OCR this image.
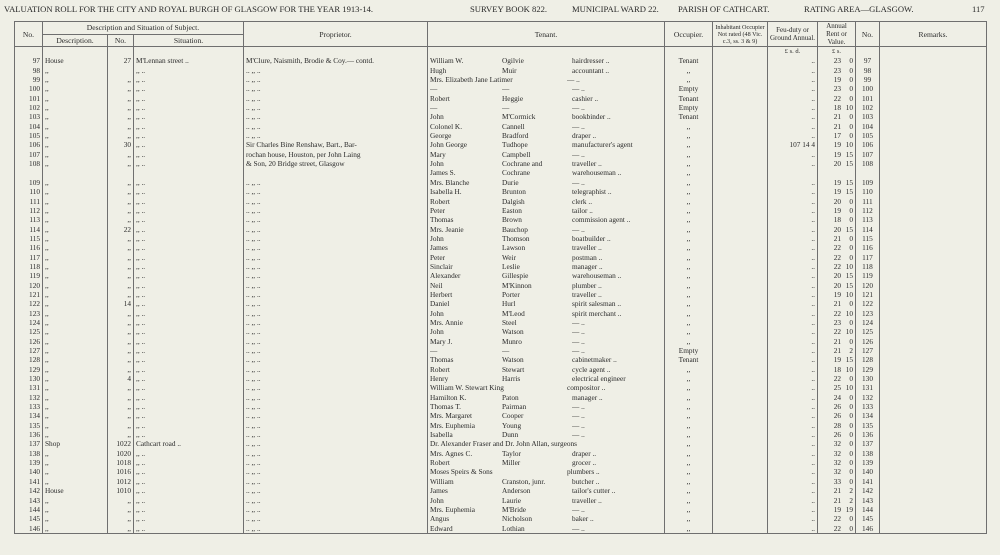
VALUATION ROLL FOR THE CITY AND ROYAL BURGH OF GLASGOW FOR THE YEAR 1913-14.	SURVEY BOOK 822.	MUNICIPAL WARD 22. PARISH OF CATHCART.	RATING AREA—GLASGOW.	117
No.	Description and Situation of Subject.			Proprietor.	Tenant.	Occupier.	Inhabitant Occupier Not rated (48 Vic. c.3, ss. 3 & 9)	Feu-duty or Ground Annual.	Annual Rent or Value.	No.	Remarks.
	Description.	No.	Situation.								
								£ s. d.	£ s.		
97	House	27	M'Lennan street ..	M'Clure, Naismith, Brodie & Coy.— contd.	William W. Ogilvie hairdresser ..	Tenant		..	23 0	97	
98	,,		,, ..	.. ,, ..	Hugh Muir accountant ..	,,		..	23 0	98	
99	,,	,,	,, ..	.. ,, ..	Mrs. Elizabeth Jane Latimer — ..	,,		..	19 0	99	
100	,,	,,	,, ..	.. ,, ..	— — — ..	Empty		..	23 0	100	
101	,,	,,	,, ..	.. ,, ..	Robert Heggie cashier ..	Tenant		..	22 0	101	
102	,,	,,	,, ..	.. ,, ..	— — — ..	Empty		..	18 10	102	
103	,,	,,	,, ..	.. ,, ..	John M'Cormick bookbinder ..	Tenant		..	21 0	103	
104	,,	,,	,, ..	.. ,, ..	Colonel K. Cannell — ..	,,		..	21 0	104	
105	,,	,,	,, ..	.. ,, ..	George Bradford draper ..	,,		..	17 0	105	
106	,,	30	,, ..	Sir Charles Bine Renshaw, Bart., Bar-	John George Tudhope manufacturer's agent	,,		107 14 4	19 10	106	
107	,,	,,	,, ..	rochan house, Houston, per John Laing	Mary Campbell — ..	,,		..	19 15	107	
108	,,	,,	,, ..	& Son, 20 Bridge street, Glasgow	John Cochrane and traveller ..	,,		..	20 15	108	

					James S. Cochrane warehouseman ..	,,			

109	,,	,,	,, ..	.. ,, ..	Mrs. Blanche Durie — ..	,,		..	19 15	109	
110	,,	,,	,, ..	.. ,, ..	Isabella H. Brunton telegraphist ..	,,		..	19 15	110	
111	,,	,,	,, ..	.. ,, ..	Robert Dalgish clerk ..	,,		..	20 0	111	
112	,,	,,	,, ..	.. ,, ..	Peter Easton tailor ..	,,		..	19 0	112	
113	,,	,,	,, ..	.. ,, ..	Thomas Brown commission agent ..	,,		..	18 0	113	
114	,,	22	,, ..	.. ,, ..	Mrs. Jeanie Bauchop — ..	,,		..	20 15	114	
115	,,	,,	,, ..	.. ,, ..	John Thomson boatbuilder ..	,,		..	21 0	115	
116	,,	,,	,, ..	.. ,, ..	James Lawson traveller ..	,,		..	22 0	116	
117	,,	,,	,, ..	.. ,, ..	Peter Weir postman ..	,,		..	22 0	117	
118	,,	,,	,, ..	.. ,, ..	Sinclair Leslie manager ..	,,		..	22 10	118	
119	,,	,,	,, ..	.. ,, ..	Alexander Gillespie warehouseman ..	,,		..	20 15	119	
120	,,	,,	,, ..	.. ,, ..	Neil M'Kinnon plumber ..	,,		..	20 15	120	
121	,,	,,	,, ..	.. ,, ..	Herbert Porter traveller ..	,,		..	19 10	121	
122	,,	14	,, ..	.. ,, ..	Daniel Hurl spirit salesman ..	,,		..	21 0	122	
123	,,	,,	,, ..	.. ,, ..	John M'Leod spirit merchant ..	,,		..	22 10	123	
124	,,	,,	,, ..	.. ,, ..	Mrs. Annie Steel — ..	,,		..	23 0	124	
125	,,	,,	,, ..	.. ,, ..	John Watson — ..	,,		..	22 10	125	
126	,,	,,	,, ..	.. ,, ..	Mary J. Munro — ..	,,		..	21 0	126	
127	,,	,,	,, ..	.. ,, ..	— — — ..	Empty		..	21 2	127	
128	,,	,,	,, ..	.. ,, ..	Thomas Watson cabinetmaker ..	Tenant		..	19 15	128	
129	,,	,,	,, ..	.. ,, ..	Robert Stewart cycle agent ..	,,		..	18 10	129	
130	,,	4	,, ..	.. ,, ..	Henry Harris electrical engineer	,,		..	22 0	130	
131	,,	,,	,, ..	.. ,, ..	William W. Stewart King compositor ..	,,		..	25 10	131	
132	,,	,,	,, ..	.. ,, ..	Hamilton K. Paton manager ..	,,		..	24 0	132	
133	,,	,,	,, ..	.. ,, ..	Thomas T. Pairman — ..	,,		..	26 0	133	
134	,,	,,	,, ..	.. ,, ..	Mrs. Margaret Cooper — ..	,,		..	26 0	134	
135	,,	,,	,, ..	.. ,, ..	Mrs. Euphemia Young — ..	,,		..	28 0	135	
136	,,	,,	,, ..	.. ,, ..	Isabella Dunn — ..	,,		..	26 0	136	
137	Shop	1022	Cathcart road ..	.. ,, ..	Dr. Alexander Fraser and Dr. John Allan, surgeons	,,		..	32 0	137	
138	,,	1020	,, ..	.. ,, ..	Mrs. Agnes C. Taylor draper ..	,,		..	32 0	138	
139	,,	1018	,, ..	.. ,, ..	Robert Miller grocer ..	,,		..	32 0	139	
140	,,	1016	,, ..	.. ,, ..	Moses Speirs & Sons plumbers ..	,,		..	32 0	140	
141	,,	1012	,, ..	.. ,, ..	William Cranston, junr. butcher ..	,,		..	33 0	141	
142	House	1010	,, ..	.. ,, ..	James Anderson tailor's cutter ..	,,		..	21 2	142	
143	,,	,,	,, ..	.. ,, ..	John Laurie traveller ..	,,		..	21 2	143	
144	,,	,,	,, ..	.. ,, ..	Mrs. Euphemia M'Bride — ..	,,		..	19 19	144	
145	,,	,,	,, ..	.. ,, ..	Angus Nicholson baker ..	,,		..	22 0	145	
146	,,	,,	,, ..	.. ,, ..	Edward Lothian — ..	,,		..	22 0	146	
